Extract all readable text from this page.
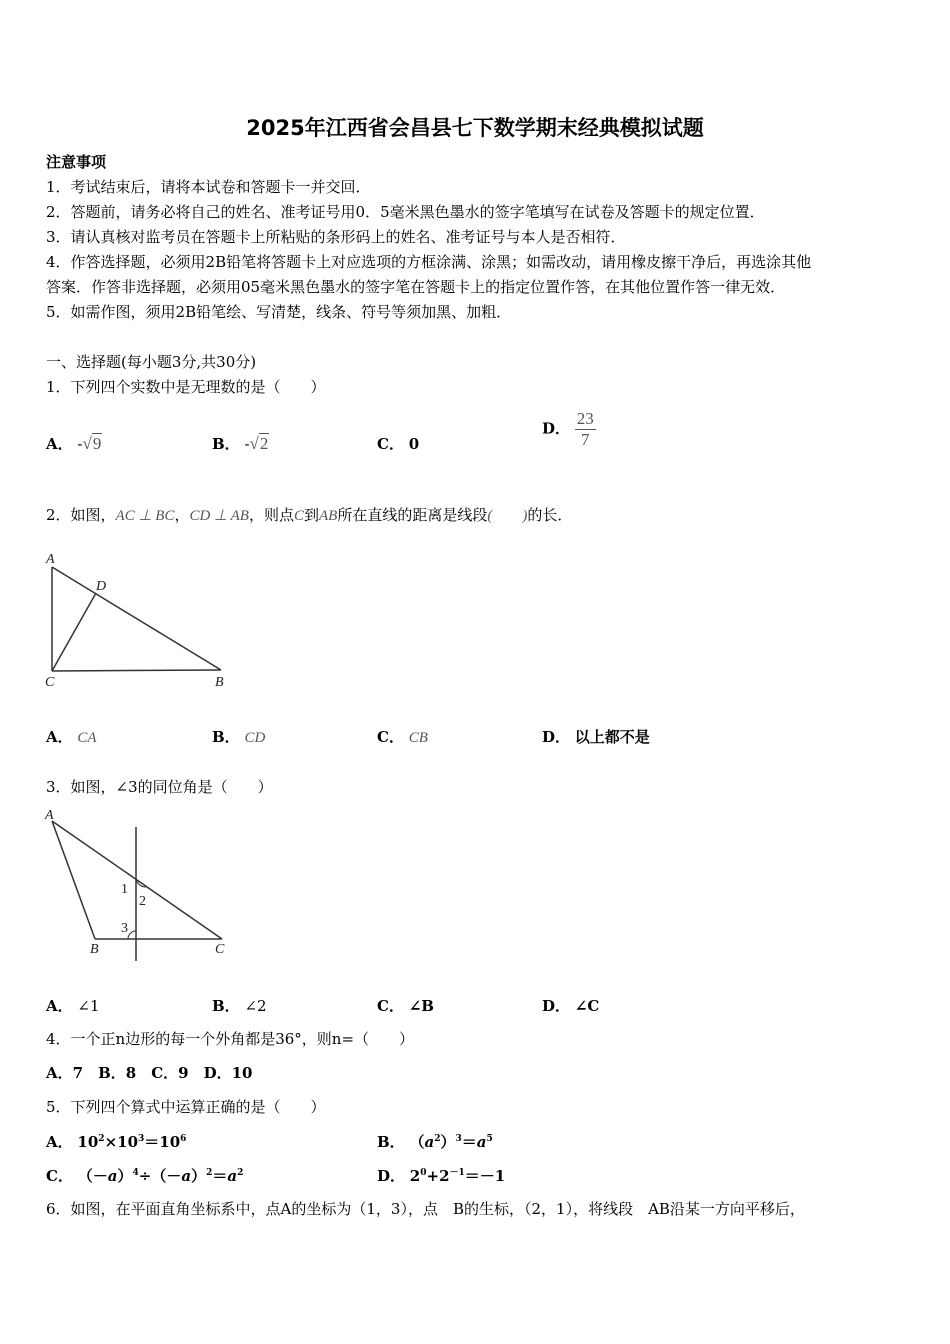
2025年江西省会昌县七下数学期末经典模拟试题
注意事项
1．考试结束后，请将本试卷和答题卡一并交回．
2．答题前，请务必将自己的姓名、准考证号用0．5毫米黑色墨水的签字笔填写在试卷及答题卡的规定位置．
3．请认真核对监考员在答题卡上所粘贴的条形码上的姓名、准考证号与本人是否相符．
4．作答选择题，必须用2B铅笔将答题卡上对应选项的方框涂满、涂黑；如需改动，请用橡皮擦干净后，再选涂其他
答案．作答非选择题，必须用05毫米黑色墨水的签字笔在答题卡上的指定位置作答，在其他位置作答一律无效．
5．如需作图，须用2B铅笔绘、写清楚，线条、符号等须加黑、加粗．
一、选择题(每小题3分,共30分)
1．下列四个实数中是无理数的是（　　）
A． -√9	B． -√2	C． 0
D． $\frac{23}{7}$
2．如图，AC ⊥ BC，CD ⊥ AB，则点C到AB所在直线的距离是线段(　　)的长．
A
D
C	B
A． CA	B． CD	C． CB	D． 以上都不是
3．如图，∠3的同位角是（　　）
A
1
2
3
B	C
A． ∠1	B． ∠2	C． ∠B	D． ∠C
4．一个正n边形的每一个外角都是36°，则n=（　　）
A．7　B．8　C．9　D．10
5．下列四个算式中运算正确的是（　　）
A． $10^2\times 10^3=10^6$	B． $(a^2)^3=a^5$
C． $(-a)^4\div(-a)^2=a^2$	D． $2^0+2^{-1}=-1$
6．如图，在平面直角坐标系中，点A的坐标为（1，3），点　B的生标，（2，1），将线段　AB沿某一方向平移后，
